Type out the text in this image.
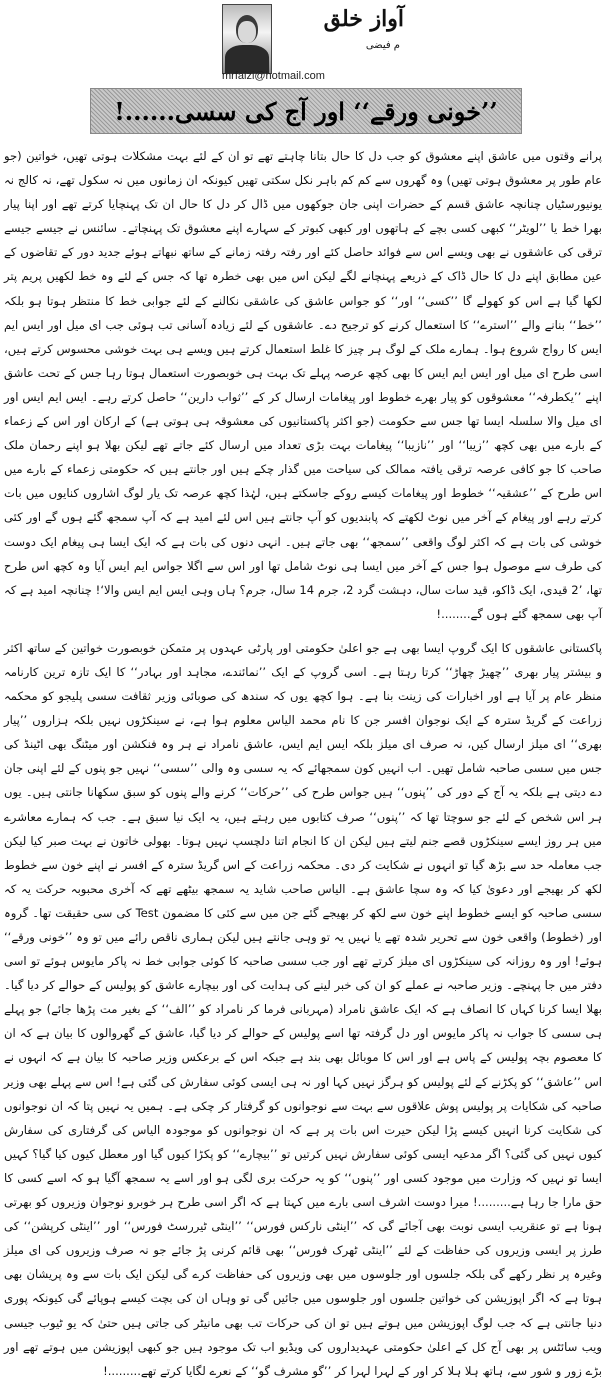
آواز خلق
م فیضی
mrfaizi@hotmail.com
’’خونی ورقے‘‘ اور آج کی سسی......!

پرانے وقتوں میں عاشق اپنے معشوق کو جب دل کا حال بتانا چاہتے تھے تو ان کے لئے بہت مشکلات ہوتی تھیں، خواتین (جو عام طور پر معشوق ہوتی تھیں) وہ گھروں سے کم کم باہر نکل سکتی تھیں کیونکہ ان زمانوں میں نہ سکول تھے، نہ کالج نہ یونیورسٹیاں چنانچہ عاشق قسم کے حضرات اپنی جان جوکھوں میں ڈال کر دل کا حال ان تک پہنچایا کرتے تھے اور اپنا پیار بھرا خط یا ’’لویٹر‘‘ کبھی کسی بچے کے ہاتھوں اور کبھی کبوتر کے سہارے اپنے معشوق تک پہنچاتے۔ سائنس نے جیسے جیسے ترقی کی عاشقوں نے بھی ویسے اس سے فوائد حاصل کئے اور رفتہ رفتہ زمانے کے ساتھ نبھاتے ہوئے جدید دور کے تقاضوں کے عین مطابق اپنے دل کا حال ڈاک کے ذریعے پہنچانے لگے لیکن اس میں بھی خطرہ تھا کہ جس کے لئے وہ خط لکھیں پریم پتر لکھا گیا ہے اس کو کھولے گا ’’کسی‘‘ اور‘‘ کو جواس عاشق کی عاشقی نکالنے کے لئے جوابی خط کا منتظر ہوتا ہو بلکہ ’’خط‘‘ بنانے والے ’’استرے‘‘ کا استعمال کرنے کو ترجیح دے۔ عاشقوں کے لئے زیادہ آسانی تب ہوئی جب ای میل اور ایس ایم ایس کا رواج شروع ہوا۔ ہمارے ملک کے لوگ ہر چیز کا غلط استعمال کرتے ہیں ویسے ہی بہت خوشی محسوس کرتے ہیں، اسی طرح ای میل اور ایس ایم ایس کا بھی کچھ عرصہ پہلے تک بہت ہی خوبصورت استعمال ہوتا رہا جس کے تحت عاشق اپنے ’’یکطرفہ‘‘ معشوقوں کو پیار بھرے خطوط اور پیغامات ارسال کر کے ’’ثواب دارین‘‘ حاصل کرتے رہے۔ ایس ایم ایس اور ای میل والا سلسلہ ایسا تھا جس سے حکومت (جو اکثر پاکستانیوں کی معشوقہ ہی ہوتی ہے) کے ارکان اور اس کے زعماء کے بارے میں بھی کچھ ’’زیبا‘‘ اور ’’نازیبا‘‘ پیغامات بہت بڑی تعداد میں ارسال کئے جاتے تھے لیکن بھلا ہو اپنے رحمان ملک صاحب کا جو کافی عرصہ ترقی یافتہ ممالک کی سیاحت میں گذار چکے ہیں اور جانتے ہیں کہ حکومتی زعماء کے بارے میں اس طرح کے ’’عشقیہ‘‘ خطوط اور پیغامات کیسے روکے جاسکتے ہیں، لہٰذا کچھ عرصہ تک یار لوگ اشاروں کنایوں میں بات کرتے رہے اور پیغام کے آخر میں نوٹ لکھتے کہ پابندیوں کو آپ جانتے ہیں اس لئے امید ہے کہ آپ سمجھ گئے ہوں گے اور کئی خوشی کی بات ہے کہ اکثر لوگ واقعی ’’سمجھ‘‘ بھی جاتے ہیں۔ انہی دنوں کی بات ہے کہ ایک ایسا ہی پیغام ایک دوست کی طرف سے موصول ہوا جس کے آخر میں ایسا ہی نوٹ شامل تھا اور اس سے اگلا جواس ایم ایس آیا وہ کچھ اس طرح تھا، ’2 قیدی، ایک ڈاکو، قید سات سال، دہشت گرد 2، جرم 14 سال، جرم؟ ہاں وہی ایس ایم ایس والا‘! چنانچہ امید ہے کہ آپ بھی سمجھ گئے ہوں گے........!

پاکستانی عاشقوں کا ایک گروپ ایسا بھی ہے جو اعلیٰ حکومتی اور پارٹی عہدوں پر متمکن خوبصورت خواتین کے ساتھ اکثر و بیشتر پیار بھری ’’چھیڑ چھاڑ‘‘ کرتا رہتا ہے۔ اسی گروپ کے ایک ’’نمائندے، مجاہد اور بہادر‘‘ کا ایک تازہ ترین کارنامہ منظر عام پر آیا ہے اور اخبارات کی زینت بنا ہے۔ ہوا کچھ یوں کہ سندھ کی صوبائی وزیر ثقافت سسی پلیجو کو محکمہ زراعت کے گریڈ سترہ کے ایک نوجوان افسر جن کا نام محمد الیاس معلوم ہوا ہے، نے سینکڑوں نہیں بلکہ ہزاروں ’’پیار بھری‘‘ ای میلز ارسال کیں، نہ صرف ای میلز بلکہ ایس ایم ایس، عاشق نامراد نے ہر وہ فنکشن اور میٹنگ بھی اٹینڈ کی جس میں سسی صاحبہ شامل تھیں۔ اب انہیں کون سمجھائے کہ یہ سسی وہ والی ’’سسی‘‘ نہیں جو پنوں کے لئے اپنی جان دے دیتی ہے بلکہ یہ آج کے دور کی ’’پنوں‘‘ ہیں جواس طرح کی ’’حرکات‘‘ کرنے والے پنوں کو سبق سکھانا جانتی ہیں۔ یوں ہر اس شخص کے لئے جو سوچتا تھا کہ ’’پنوں‘‘ صرف کتابوں میں رہتے ہیں، یہ ایک نیا سبق ہے۔ جب کہ ہمارے معاشرے میں ہر روز ایسے سینکڑوں قصے جنم لیتے ہیں لیکن ان کا انجام اتنا دلچسپ نہیں ہوتا۔ بھولی خاتون نے بہت صبر کیا لیکن جب معاملہ حد سے بڑھ گیا تو انہوں نے شکایت کر دی۔ محکمہ زراعت کے اس گریڈ سترہ کے افسر نے اپنے خون سے خطوط لکھ کر بھیجے اور دعویٰ کیا کہ وہ سچا عاشق ہے۔ الیاس صاحب شاید یہ سمجھ بیٹھے تھے کہ آخری محبوبہ حرکت یہ کہ سسی صاحبہ کو ایسے خطوط اپنے خون سے لکھ کر بھیجے گئے جن میں سے کئی کا مضمون Test کی سی حقیقت تھا۔ گروہ اور (خطوط) واقعی خون سے تحریر شدہ تھے یا نہیں یہ تو وہی جانتے ہیں لیکن ہماری ناقص رائے میں تو وہ ’’خونی ورقے‘‘ ہوئے! اور وہ روزانہ کی سینکڑوں ای میلز کرتے تھے اور جب سسی صاحبہ کا کوئی جوابی خط نہ پاکر مایوس ہوئے تو اسی دفتر میں جا پہنچے۔ وزیر صاحبہ نے عملے کو ان کی خبر لینے کی ہدایت کی اور بیچارے عاشق کو پولیس کے حوالے کر دیا گیا۔ بھلا ایسا کرنا کہاں کا انصاف ہے کہ ایک عاشق نامراد (مہربانی فرما کر نامراد کو ’’الف‘‘ کے بغیر مت پڑھا جائے) جو پہلے ہی سسی کا جواب نہ پاکر مایوس اور دل گرفتہ تھا اسے پولیس کے حوالے کر دیا گیا، عاشق کے گھروالوں کا بیان ہے کہ ان کا معصوم بچہ پولیس کے پاس ہے اور اس کا موبائل بھی بند ہے جبکہ اس کے برعکس وزیر صاحبہ کا بیان ہے کہ انہوں نے اس ’’عاشق‘‘ کو پکڑنے کے لئے پولیس کو ہرگز نہیں کہا اور نہ ہی ایسی کوئی سفارش کی گئی ہے! اس سے پہلے بھی وزیر صاحبہ کی شکایات پر پولیس پوش علاقوں سے بہت سے نوجوانوں کو گرفتار کر چکی ہے۔ ہمیں یہ نہیں پتا کہ ان نوجوانوں کی شکایت کرنا انہیں کیسے پڑا لیکن حیرت اس بات پر ہے کہ ان نوجوانوں کو موجودہ الیاس کی گرفتاری کی سفارش کیوں نہیں کی گئی؟ اگر مدعیہ ایسی کوئی سفارش نہیں کرتیں تو ’’بیچارے‘‘ کو پکڑا کیوں گیا اور معطل کیوں کیا گیا؟ کہیں ایسا تو نہیں کہ وزارت میں موجود کسی اور ’’پنوں‘‘ کو یہ حرکت بری لگی ہو اور اسے یہ سمجھ آگیا ہو کہ اسے کسی کا حق مارا جا رہا ہے.........! میرا دوست اشرف اسی بارے میں کہتا ہے کہ اگر اسی طرح ہر خوبرو نوجوان وزیروں کو بھرتی ہونا ہے تو عنقریب ایسی نوبت بھی آجائے گی کہ ’’اینٹی نارکس فورس‘‘ ’’اینٹی ٹیررسٹ فورس‘‘ اور ’’اینٹی کرپشن‘‘ کی طرز پر ایسی وزیروں کی حفاظت کے لئے ’’اینٹی ٹھرک فورس‘‘ بھی قائم کرنی پڑ جائے جو نہ صرف وزیروں کی ای میلز وغیرہ پر نظر رکھے گی بلکہ جلسوں اور جلوسوں میں بھی وزیروں کی حفاظت کرے گی لیکن ایک بات سے وہ پریشان بھی ہوتا ہے کہ اگر اپوزیشن کی خواتین جلسوں اور جلوسوں میں جائیں گی تو وہاں ان کی بچت کیسے ہوپائے گی کیونکہ پوری دنیا جانتی ہے کہ جب لوگ اپوزیشن میں ہوتے ہیں تو ان کی حرکات تب بھی مانیٹر کی جاتی ہیں حتیٰ کہ یو ٹیوب جیسی ویب سائٹس پر بھی آج کل کے اعلیٰ حکومتی عہدیداروں کی ویڈیو اب تک موجود ہیں جو کبھی اپوزیشن میں ہوتے تھے اور بڑے زور و شور سے، ہاتھ ہلا ہلا کر اور کے لہرا لہرا کر ’’گو مشرف گو‘‘ کے نعرے لگایا کرتے تھے.........!
